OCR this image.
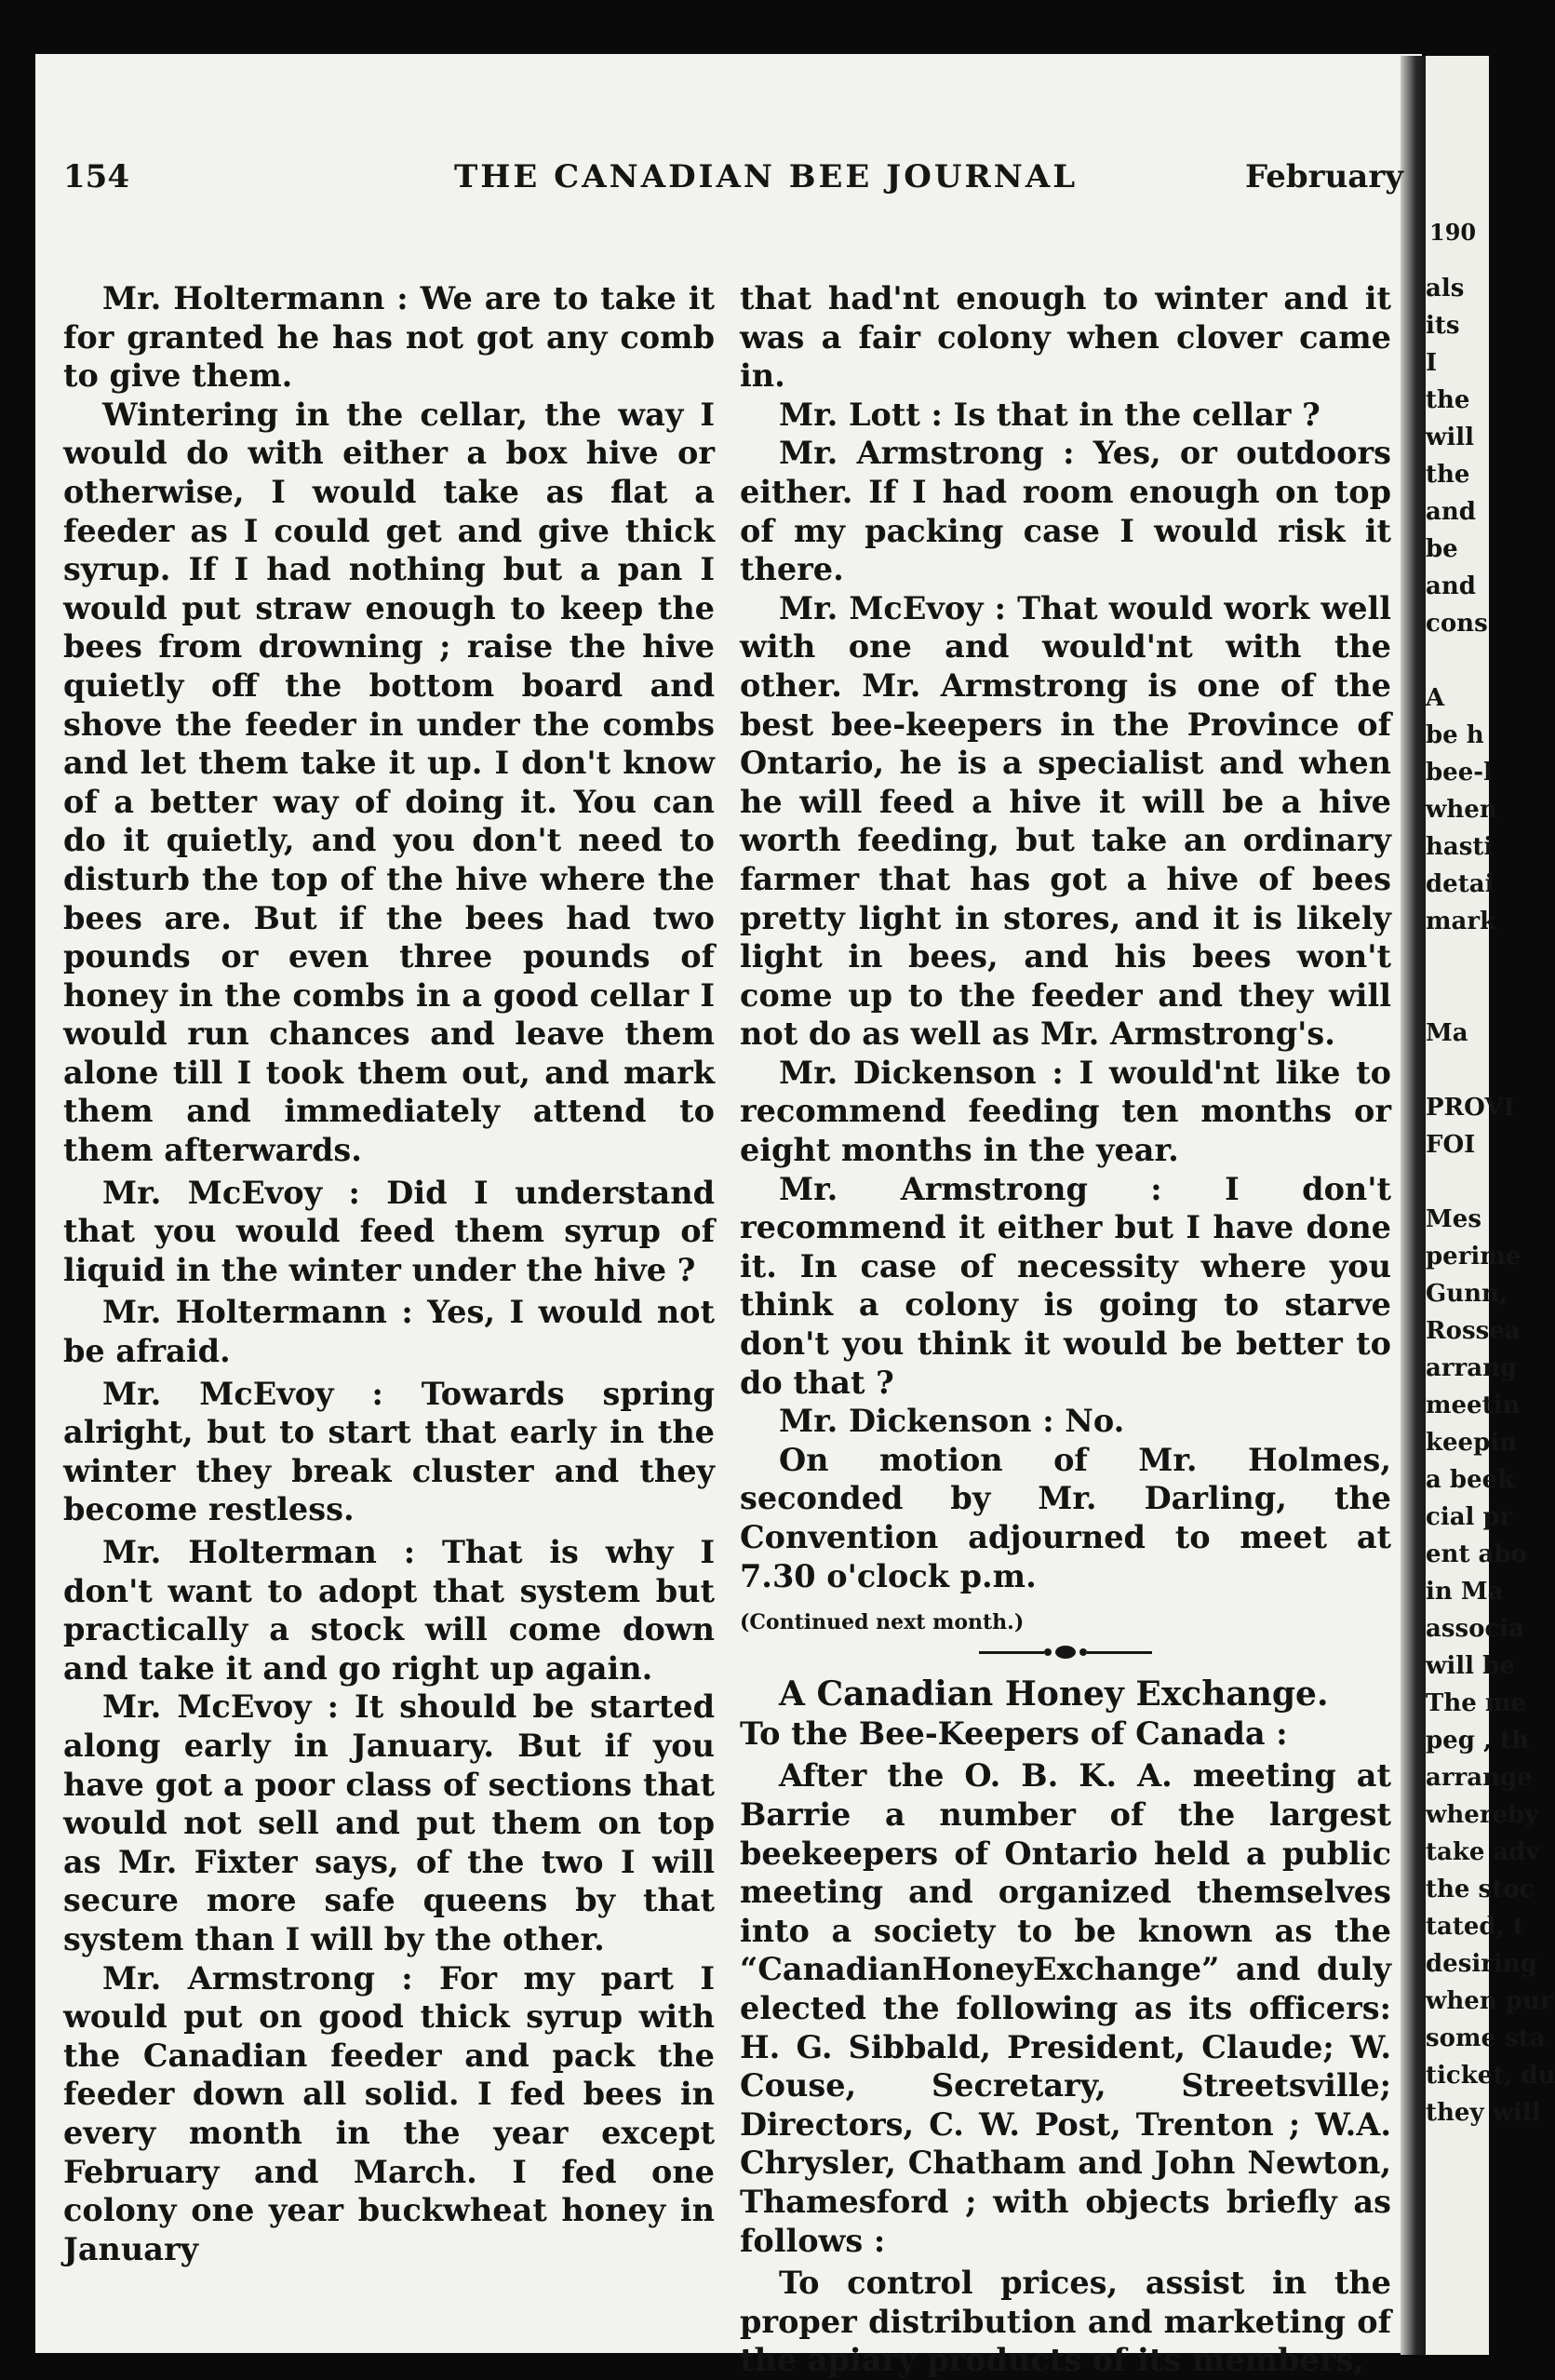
154	THE CANADIAN BEE JOURNAL	February

Mr. Holtermann : We are to take it for granted he has not got any comb to give them.

Wintering in the cellar, the way I would do with either a box hive or otherwise, I would take as flat a feeder as I could get and give thick syrup. If I had nothing but a pan I would put straw enough to keep the bees from drowning ; raise the hive quietly off the bottom board and shove the feeder in under the combs and let them take it up. I don't know of a better way of doing it. You can do it quietly, and you don't need to disturb the top of the hive where the bees are. But if the bees had two pounds or even three pounds of honey in the combs in a good cellar I would run chances and leave them alone till I took them out, and mark them and immediately attend to them afterwards.

Mr. McEvoy : Did I understand that you would feed them syrup of liquid in the winter under the hive ?

Mr. Holtermann : Yes, I would not be afraid.

Mr. McEvoy : Towards spring alright, but to start that early in the winter they break cluster and they become restless.

Mr. Holterman : That is why I don't want to adopt that system but practically a stock will come down and take it and go right up again.

Mr. McEvoy : It should be started along early in January. But if you have got a poor class of sections that would not sell and put them on top as Mr. Fixter says, of the two I will secure more safe queens by that system than I will by the other.

Mr. Armstrong : For my part I would put on good thick syrup with the Canadian feeder and pack the feeder down all solid. I fed bees in every month in the year except February and March. I fed one colony one year buckwheat honey in January

that had'nt enough to winter and it was a fair colony when clover came in.

Mr. Lott : Is that in the cellar ?

Mr. Armstrong : Yes, or outdoors either. If I had room enough on top of my packing case I would risk it there.

Mr. McEvoy : That would work well with one and would'nt with the other. Mr. Armstrong is one of the best bee-keepers in the Province of Ontario, he is a specialist and when he will feed a hive it will be a hive worth feeding, but take an ordinary farmer that has got a hive of bees pretty light in stores, and it is likely light in bees, and his bees won't come up to the feeder and they will not do as well as Mr. Armstrong's.

Mr. Dickenson : I would'nt like to recommend feeding ten months or eight months in the year.

Mr. Armstrong : I don't recommend it either but I have done it. In case of necessity where you think a colony is going to starve don't you think it would be better to do that ?

Mr. Dickenson : No.

On motion of Mr. Holmes, seconded by Mr. Darling, the Convention adjourned to meet at 7.30 o'clock p.m.

(Continued next month.)

A Canadian Honey Exchange.

To the Bee-Keepers of Canada :

After the O. B. K. A. meeting at Barrie a number of the largest beekeepers of Ontario held a public meeting and organized themselves into a society to be known as the “CanadianHoneyExchange” and duly elected the following as its officers: H. G. Sibbald, President, Claude; W. Couse, Secretary, Streetsville; Directors, C. W. Post, Trenton ; W.A. Chrysler, Chatham and John Newton, Thamesford ; with objects briefly as follows :

To control prices, assist in the proper distribution and marketing of the apiary products of its members,

190
als
its
I
the
will
the
and
be
and
cons

A
be h
bee-l
when
hasti
detai
mark

Ma

PROVI
FOI

Mes
perime
Gunn,
Rossea
arrang
meetin
keepin
a beek
cial pr
ent abo
in Ma
associa
will be
The me
peg , th
arrange
whereby
take adv
the stoc
tated, t
desiring
when pur
some sta
ticket, du
they will
